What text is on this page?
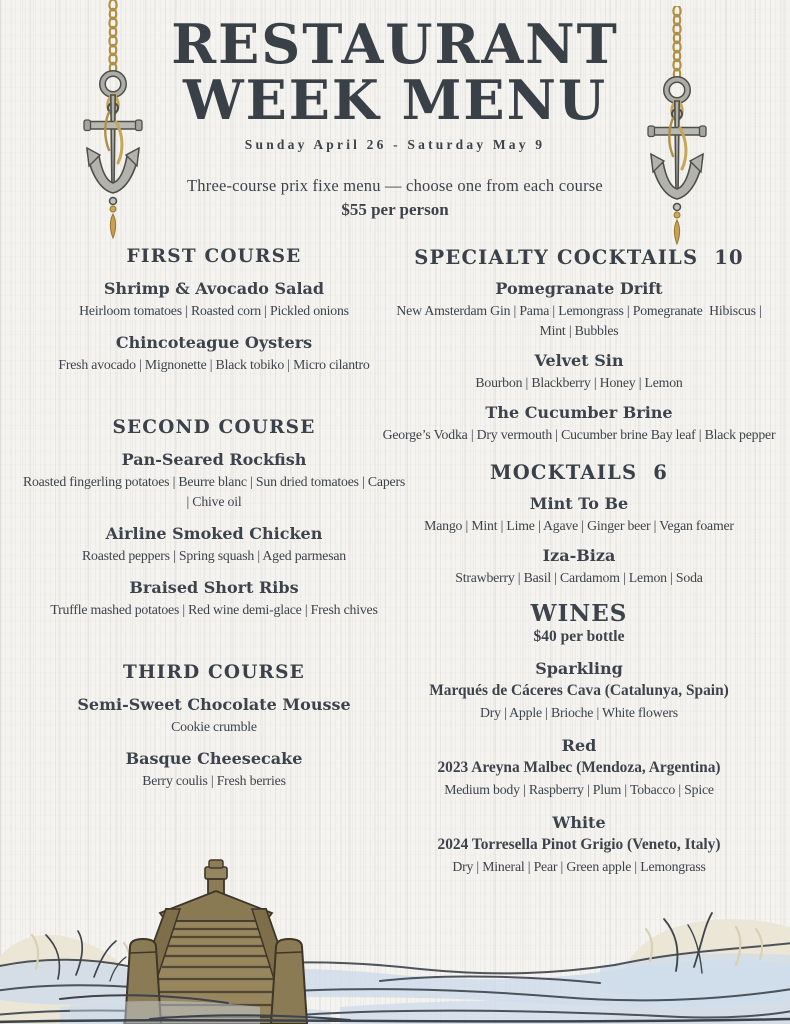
RESTAURANT
WEEK MENU
Sunday April 26 - Saturday May 9
Three-course prix fixe menu — choose one from each course
$55 per person
FIRST COURSE
Shrimp & Avocado Salad
Heirloom tomatoes | Roasted corn | Pickled onions
Chincoteague Oysters
Fresh avocado | Mignonette | Black tobiko | Micro cilantro
SECOND COURSE
Pan-Seared Rockfish
Roasted fingerling potatoes | Beurre blanc | Sun dried tomatoes | Capers | Chive oil
Airline Smoked Chicken
Roasted peppers | Spring squash | Aged parmesan
Braised Short Ribs
Truffle mashed potatoes | Red wine demi-glace | Fresh chives
THIRD COURSE
Semi-Sweet Chocolate Mousse
Cookie crumble
Basque Cheesecake
Berry coulis | Fresh berries
SPECIALTY COCKTAILS  10
Pomegranate Drift
New Amsterdam Gin | Pama | Lemongrass | Pomegranate  Hibiscus | Mint | Bubbles
Velvet Sin
Bourbon | Blackberry | Honey | Lemon
The Cucumber Brine
George’s Vodka | Dry vermouth | Cucumber brine Bay leaf | Black pepper
MOCKTAILS  6
Mint To Be
Mango | Mint | Lime | Agave | Ginger beer | Vegan foamer
Iza-Biza
Strawberry | Basil | Cardamom | Lemon | Soda
WINES
$40 per bottle
Sparkling
Marqués de Cáceres Cava (Catalunya, Spain)
Dry | Apple | Brioche | White flowers
Red
2023 Areyna Malbec (Mendoza, Argentina)
Medium body | Raspberry | Plum | Tobacco | Spice
White
2024 Torresella Pinot Grigio (Veneto, Italy)
Dry | Mineral | Pear | Green apple | Lemongrass
